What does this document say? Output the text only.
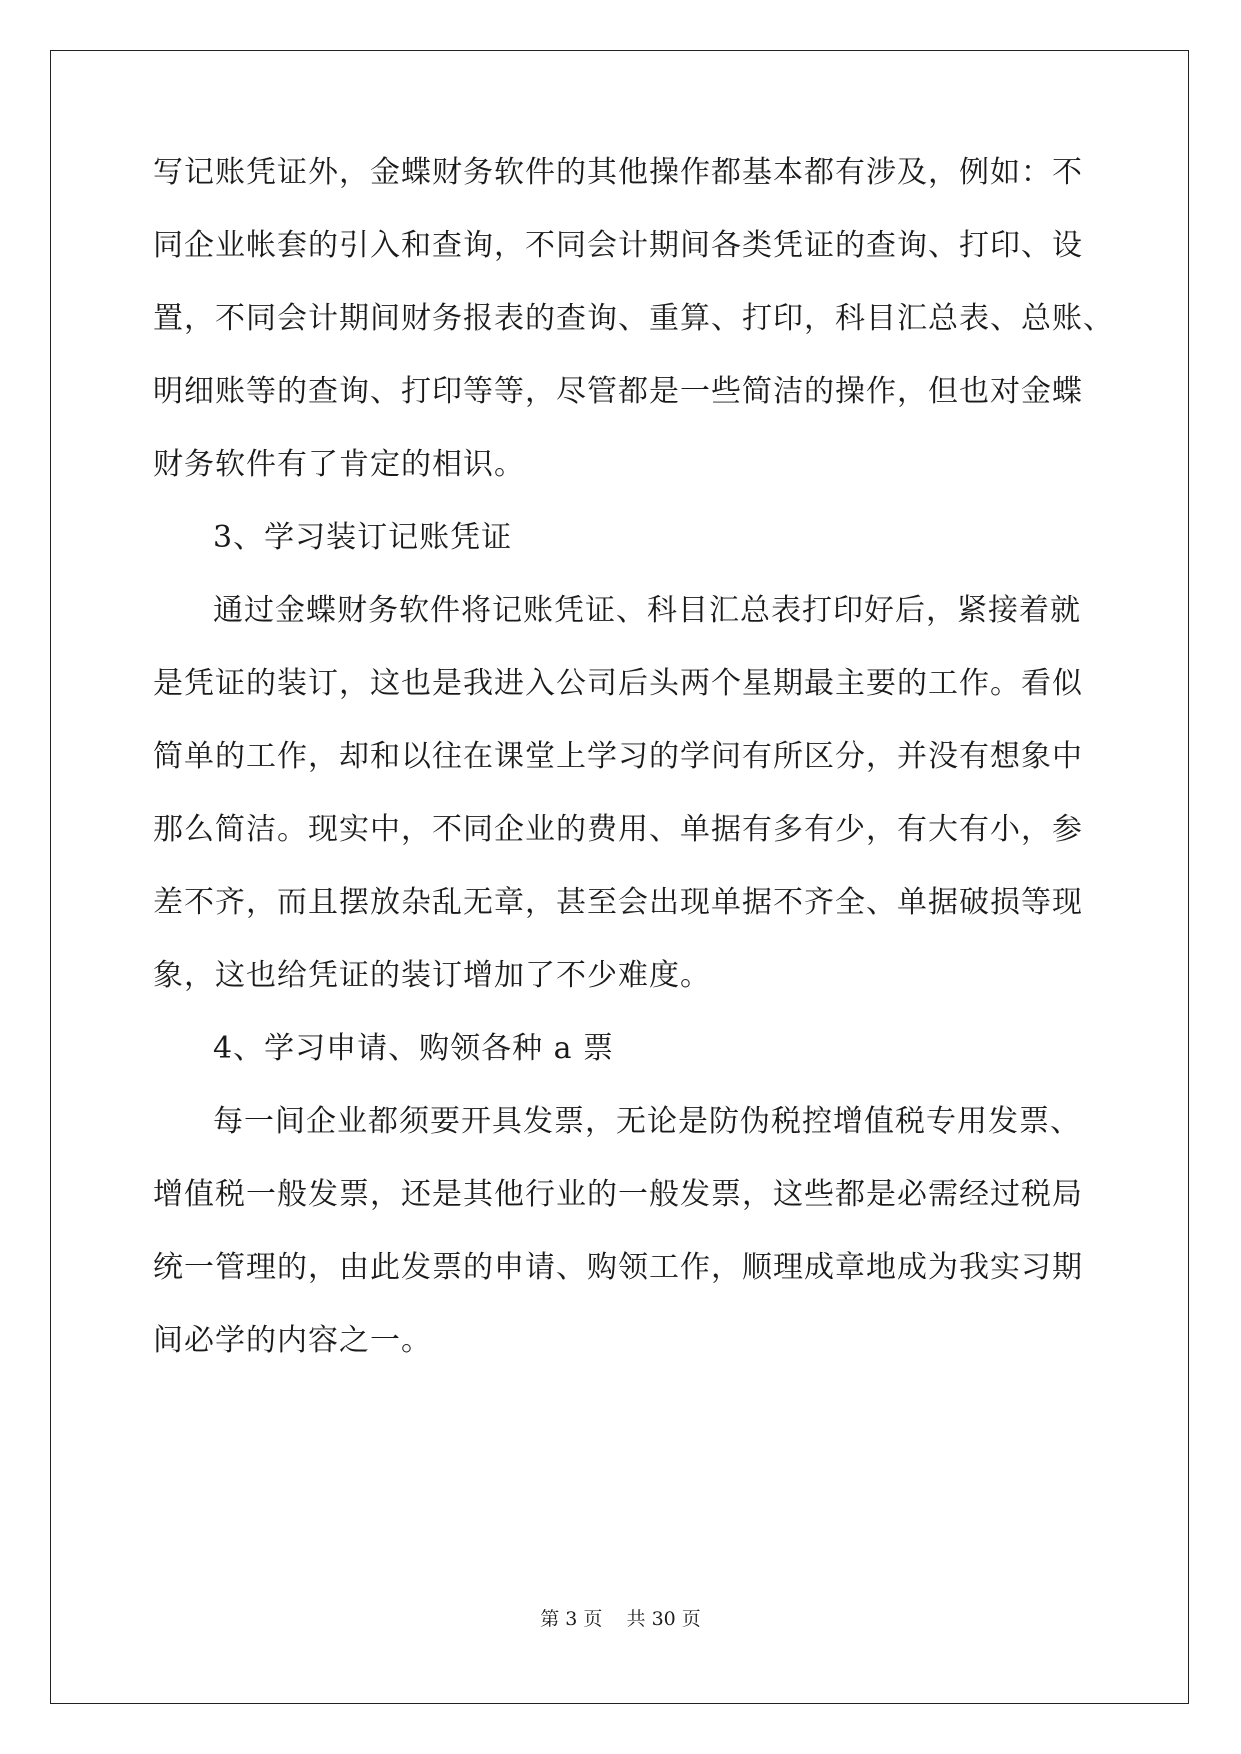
写记账凭证外，金蝶财务软件的其他操作都基本都有涉及，例如：不
同企业帐套的引入和查询，不同会计期间各类凭证的查询、打印、设
置，不同会计期间财务报表的查询、重算、打印，科目汇总表、总账、
明细账等的查询、打印等等，尽管都是一些简洁的操作，但也对金蝶
财务软件有了肯定的相识。
3、学习装订记账凭证
通过金蝶财务软件将记账凭证、科目汇总表打印好后，紧接着就
是凭证的装订，这也是我进入公司后头两个星期最主要的工作。看似
简单的工作，却和以往在课堂上学习的学问有所区分，并没有想象中
那么简洁。现实中，不同企业的费用、单据有多有少，有大有小，参
差不齐，而且摆放杂乱无章，甚至会出现单据不齐全、单据破损等现
象，这也给凭证的装订增加了不少难度。
4、学习申请、购领各种 a 票
每一间企业都须要开具发票，无论是防伪税控增值税专用发票、
增值税一般发票，还是其他行业的一般发票，这些都是必需经过税局
统一管理的，由此发票的申请、购领工作，顺理成章地成为我实习期
间必学的内容之一。
第 3 页    共 30 页
